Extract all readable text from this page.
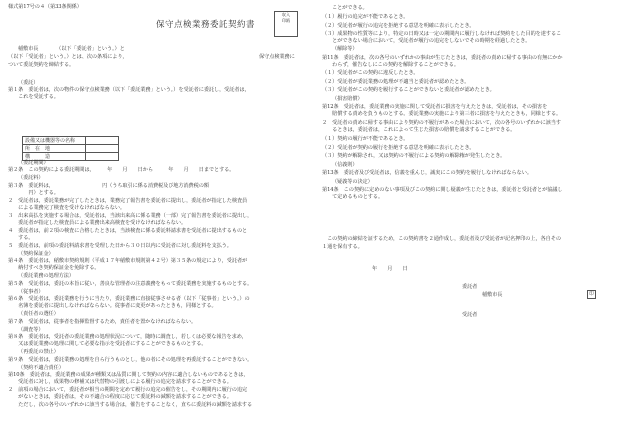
様式第17号の４（第33条関係）
保守点検業務委託契約書
収入
印紙
稲敷市長　　　　（以下「委託者」という。）と
（以下「受託者」という。）とは、次の条項により，	　　　　　　　　　　　　保守点検業務に
ついて委託契約を締結する。
設備又は機器等の名称	
所　在　地	
構　　　造	
（委託）
第１条　委託者は，次の物件の保守点検業務（以下「委託業務」という。）を受託者に委託し，受託者は，
　　これを受託する。
（委託期間）
第２条　この契約による委託期間は，　　　年　　月　　日から　　　年　　月　　日までとする。
（委託料）
第３条　委託料は，　　　　　　　　　　円（うち取引に係る消費税及び地方消費税の額
　　　　円）とする。
２　受託者は，委託業務が完了したときは，業務完了報告書を委託者に提出し，委託者が指定した検査員
　　による業務完了検査を受けなければならない。
３　出来高払を実施する場合は，受託者は，当該出来高に係る業務（一部）完了報告書を委託者に提出し，
　　委託者が指定した検査員による業務出来高検査を受けなければならない。
４　委託者は，前２項の検査に合格したときは，当該検査に係る委託料請求書を受託者に提出するものと
　　する。
５　委託者は，前項の委託料請求書を受理した日から３０日以内に受託者に対し委託料を支払う。
（契約保証金）
第４条　委託者は，稲敷市契約規則（平成１７年稲敷市規則第４２号）第３５条の規定により，受託者が
　　納付すべき契約保証金を免除する。
（委託業務の処理方法）
第５条　受託者は，委託の本旨に従い，善良な管理者の注意義務をもって委託業務を実施するものとする。
（従事者）
第６条　受託者は，委託業務を行うに当たり，委託業務に直接従事させる者（以下「従事者」という。）の
　　名簿を委託者に提出しなければならない。従事者に変更があったときも，同様とする。
（責任者の選任）
第７条　受託者は，従事者を指揮監督するため，責任者を置かなければならない。
（調査等）
第８条　委託者は，受託者の委託業務の処理状況について，随時に調査し，若しくは必要な報告を求め，
　　又は委託業務の処理に関して必要な指示を受託者にすることができるものとする。
（再委託の禁止）
第９条　受託者は，委託業務の処理を自ら行うものとし，他の者にその処理を再委託することができない。
（契約不適合責任）
第10条　委託者は，委託業務の成果が種類又は品質に関して契約の内容に適合しないものであるときは，
　　受託者に対し，成果物の修補又は代替物の引渡しによる履行の追完を請求することができる。
２　前項の場合において，委託者が相当の期間を定めて履行の追完の催告をし，その期間内に履行の追完
　　がないときは，委託者は，その不適合の程度に応じて委託料の減額を請求することができる。
　　ただし，次の各号のいずれかに該当する場合は，催告をすることなく，直ちに委託料の減額を請求する
ことができる。
（１）履行の追完が不能であるとき。
（２）受託者が履行の追完を拒絶する意思を明確に表示したとき。
（３）成果物の性質等により，特定の日時又は一定の期間内に履行しなければ契約をした目的を達するこ
　　とができない場合において，受託者が履行の追完をしないでその時期を経過したとき。
（解除等）
第11条　委託者は，次の各号のいずれかの事由が生じたときは，委託者の責めに帰する事由の有無にかか
　　わらず，催告なしにこの契約を解除することができる。
（１）受託者がこの契約に違反したとき。
（２）受託者が委託業務の処理が不適当と委託者が認めたとき。
（３）受託者がこの契約を履行することができないと委託者が認めたとき。
（損害賠償）
第12条　受託者は，委託業務の実施に関して受託者に損害を与えたときは，受託者は，その損害を
　　賠償する責めを負うものとする。委託業務の実施により第三者に損害を与えたときも，同様とする。
２　受託者の責めに帰する事由により契約の不履行があった場合において，次の各号のいずれかに該当す
　　るときは，委託者は，これによって生じた損害の賠償を請求することができる。
（１）契約の履行が不能であるとき。
（２）受託者が契約の履行を拒絶する意思を明確に表示したとき。
（３）契約が解除され，又は契約の不履行による契約の解除権が発生したとき。
（信義則）
第13条　委託者及び受託者は，信義を重んじ，誠実にこの契約を履行しなければならない。
（疑義等の決定）
第14条　この契約に定めのない事項及びこの契約に関し疑義が生じたときは，委託者と受託者とが協議し
　　て定めるものとする。
　この契約の締結を証するため，この契約書を２通作成し，委託者及び受託者が記名押印の上，各自その
１通を保有する。
年　　月　　日
委託者
稲敷市長
受託者
印
